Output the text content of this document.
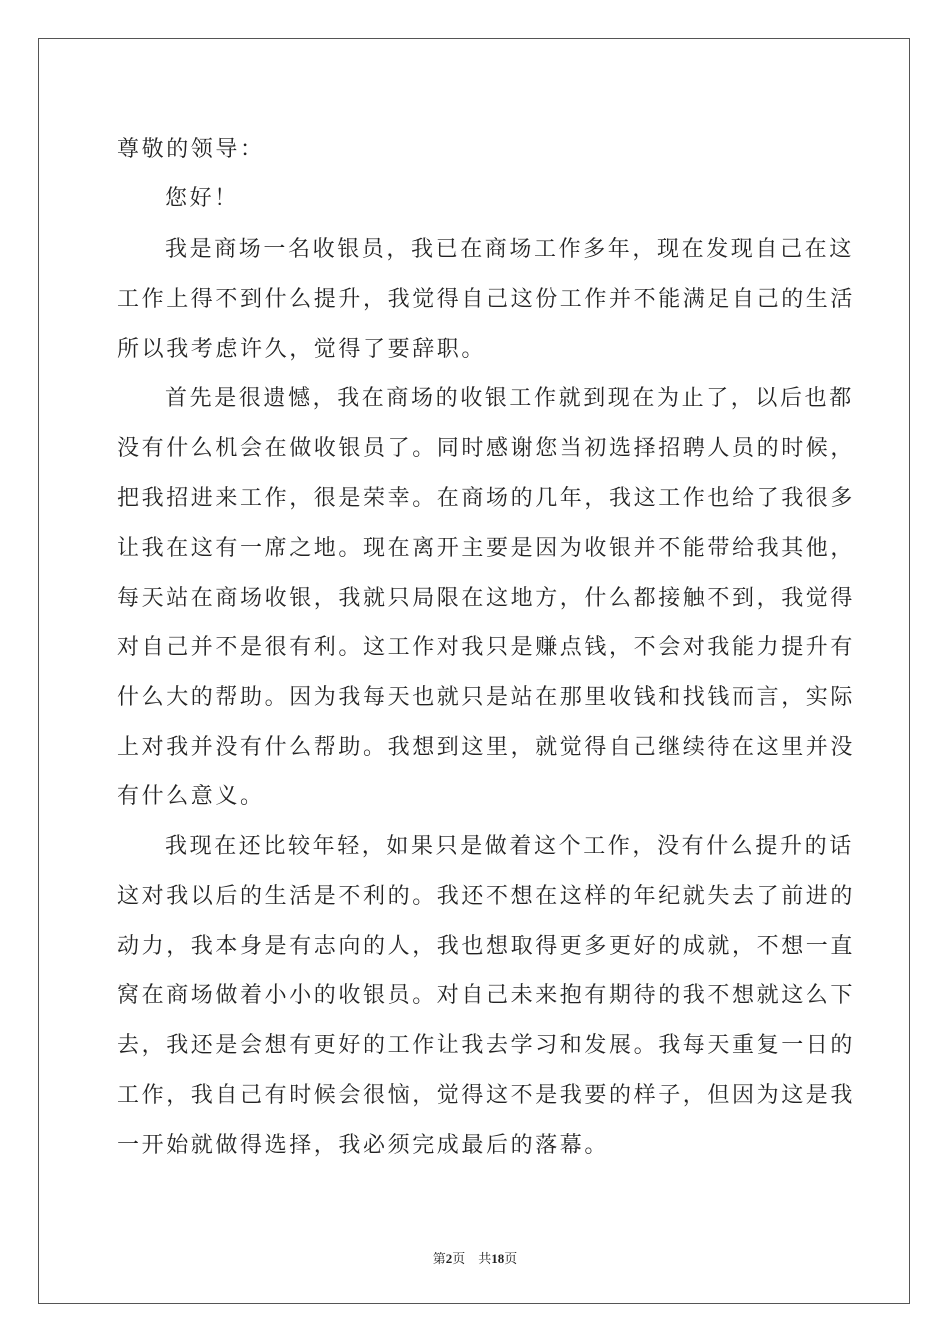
尊敬的领导：
您好！
我是商场一名收银员，我已在商场工作多年，现在发现自己在这
工作上得不到什么提升，我觉得自己这份工作并不能满足自己的生活
所以我考虑许久，觉得了要辞职。
首先是很遗憾，我在商场的收银工作就到现在为止了，以后也都
没有什么机会在做收银员了。同时感谢您当初选择招聘人员的时候，
把我招进来工作，很是荣幸。在商场的几年，我这工作也给了我很多
让我在这有一席之地。现在离开主要是因为收银并不能带给我其他，
每天站在商场收银，我就只局限在这地方，什么都接触不到，我觉得
对自己并不是很有利。这工作对我只是赚点钱，不会对我能力提升有
什么大的帮助。因为我每天也就只是站在那里收钱和找钱而言，实际
上对我并没有什么帮助。我想到这里，就觉得自己继续待在这里并没
有什么意义。
我现在还比较年轻，如果只是做着这个工作，没有什么提升的话
这对我以后的生活是不利的。我还不想在这样的年纪就失去了前进的
动力，我本身是有志向的人，我也想取得更多更好的成就，不想一直
窝在商场做着小小的收银员。对自己未来抱有期待的我不想就这么下
去，我还是会想有更好的工作让我去学习和发展。我每天重复一日的
工作，我自己有时候会很恼，觉得这不是我要的样子，但因为这是我
一开始就做得选择，我必须完成最后的落幕。
第2页 共18页
